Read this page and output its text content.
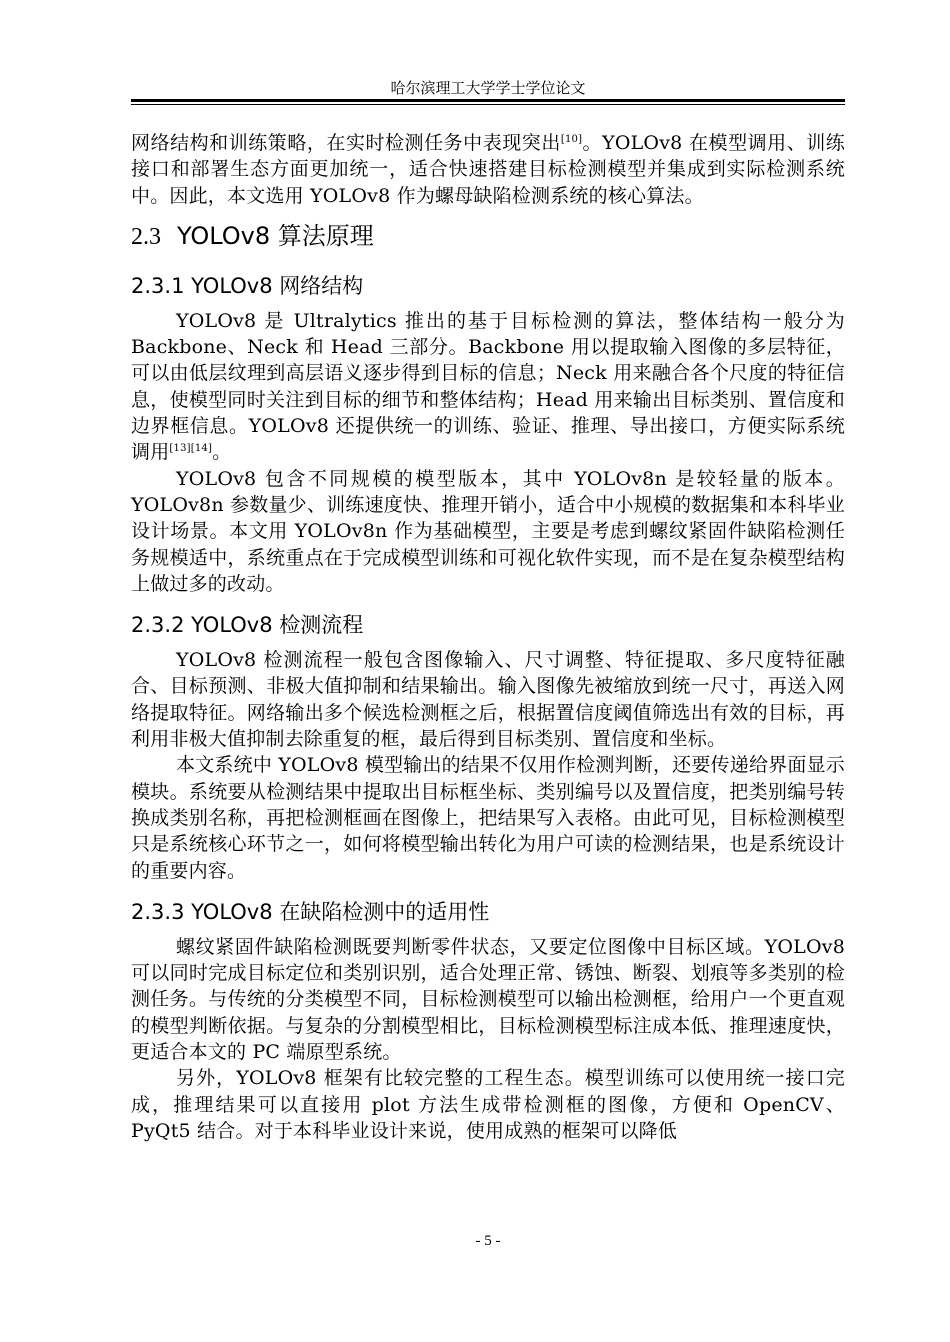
哈尔滨理工大学学士学位论文

网络结构和训练策略，在实时检测任务中表现突出[10]。YOLOv8 在模型调用、训练接口和部署生态方面更加统一，适合快速搭建目标检测模型并集成到实际检测系统中。因此，本文选用 YOLOv8 作为螺母缺陷检测系统的核心算法。

2.3 YOLOv8 算法原理
2.3.1 YOLOv8 网络结构

YOLOv8 是 Ultralytics 推出的基于目标检测的算法，整体结构一般分为 Backbone、Neck 和 Head 三部分。Backbone 用以提取输入图像的多层特征，可以由低层纹理到高层语义逐步得到目标的信息；Neck 用来融合各个尺度的特征信息，使模型同时关注到目标的细节和整体结构；Head 用来输出目标类别、置信度和边界框信息。YOLOv8 还提供统一的训练、验证、推理、导出接口，方便实际系统调用[13][14]。

YOLOv8 包含不同规模的模型版本，其中 YOLOv8n 是较轻量的版本。YOLOv8n 参数量少、训练速度快、推理开销小，适合中小规模的数据集和本科毕业设计场景。本文用 YOLOv8n 作为基础模型，主要是考虑到螺纹紧固件缺陷检测任务规模适中，系统重点在于完成模型训练和可视化软件实现，而不是在复杂模型结构上做过多的改动。

2.3.2 YOLOv8 检测流程

YOLOv8 检测流程一般包含图像输入、尺寸调整、特征提取、多尺度特征融合、目标预测、非极大值抑制和结果输出。输入图像先被缩放到统一尺寸，再送入网络提取特征。网络输出多个候选检测框之后，根据置信度阈值筛选出有效的目标，再利用非极大值抑制去除重复的框，最后得到目标类别、置信度和坐标。

本文系统中 YOLOv8 模型输出的结果不仅用作检测判断，还要传递给界面显示模块。系统要从检测结果中提取出目标框坐标、类别编号以及置信度，把类别编号转换成类别名称，再把检测框画在图像上，把结果写入表格。由此可见，目标检测模型只是系统核心环节之一，如何将模型输出转化为用户可读的检测结果，也是系统设计的重要内容。

2.3.3 YOLOv8 在缺陷检测中的适用性

螺纹紧固件缺陷检测既要判断零件状态，又要定位图像中目标区域。YOLOv8 可以同时完成目标定位和类别识别，适合处理正常、锈蚀、断裂、划痕等多类别的检测任务。与传统的分类模型不同，目标检测模型可以输出检测框，给用户一个更直观的模型判断依据。与复杂的分割模型相比，目标检测模型标注成本低、推理速度快，更适合本文的 PC 端原型系统。

另外，YOLOv8 框架有比较完整的工程生态。模型训练可以使用统一接口完成，推理结果可以直接用 plot 方法生成带检测框的图像，方便和 OpenCV、PyQt5 结合。对于本科毕业设计来说，使用成熟的框架可以降低

- 5 -
